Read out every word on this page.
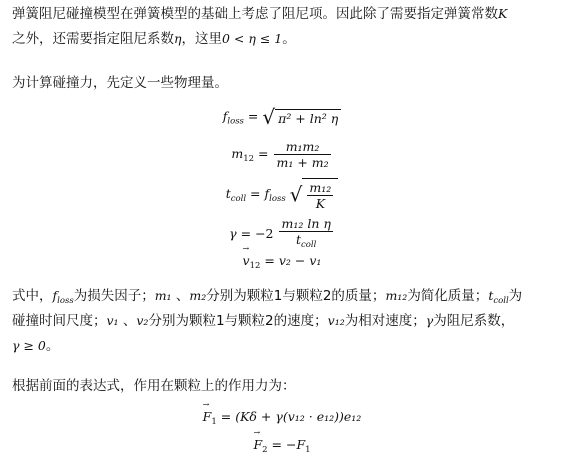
弹簧阻尼碰撞模型在弹簧模型的基础上考虑了阻尼项。因此除了需要指定弹簧常数K
之外，还需要指定阻尼系数η，这里0 < η ≤ 1。
为计算碰撞力，先定义一些物理量。
$f_{loss}$ = √ π² + ln² η
$m_{12} = \frac{\text{m₁m₂}}{\text{m₁ + m₂}}$
$t_{coll} = f_{loss}$ √ $\frac{\text{m₁₂}}{K}$
$\gamma = -2 \frac{\text{m₁₂ ln η}}{t_{coll}}$
→ $v_{12} = v_2 - v_1$
式中，$f_{loss}$为损失因子；m₁ 、m₂分别为颗粒1与颗粒2的质量；m₁₂为简化质量；$t_{coll}$为
碰撞时间尺度；v₁ 、v₂分别为颗粒1与颗粒2的速度；v₁₂为相对速度；γ为阻尼系数，
γ ≥ 0。
根据前面的表达式，作用在颗粒上的作用力为：
→ $F_1 = (K\delta + \gamma(v_{12} \cdot e_{12}))e_{12}$
→ $F_2 = -F_1$
